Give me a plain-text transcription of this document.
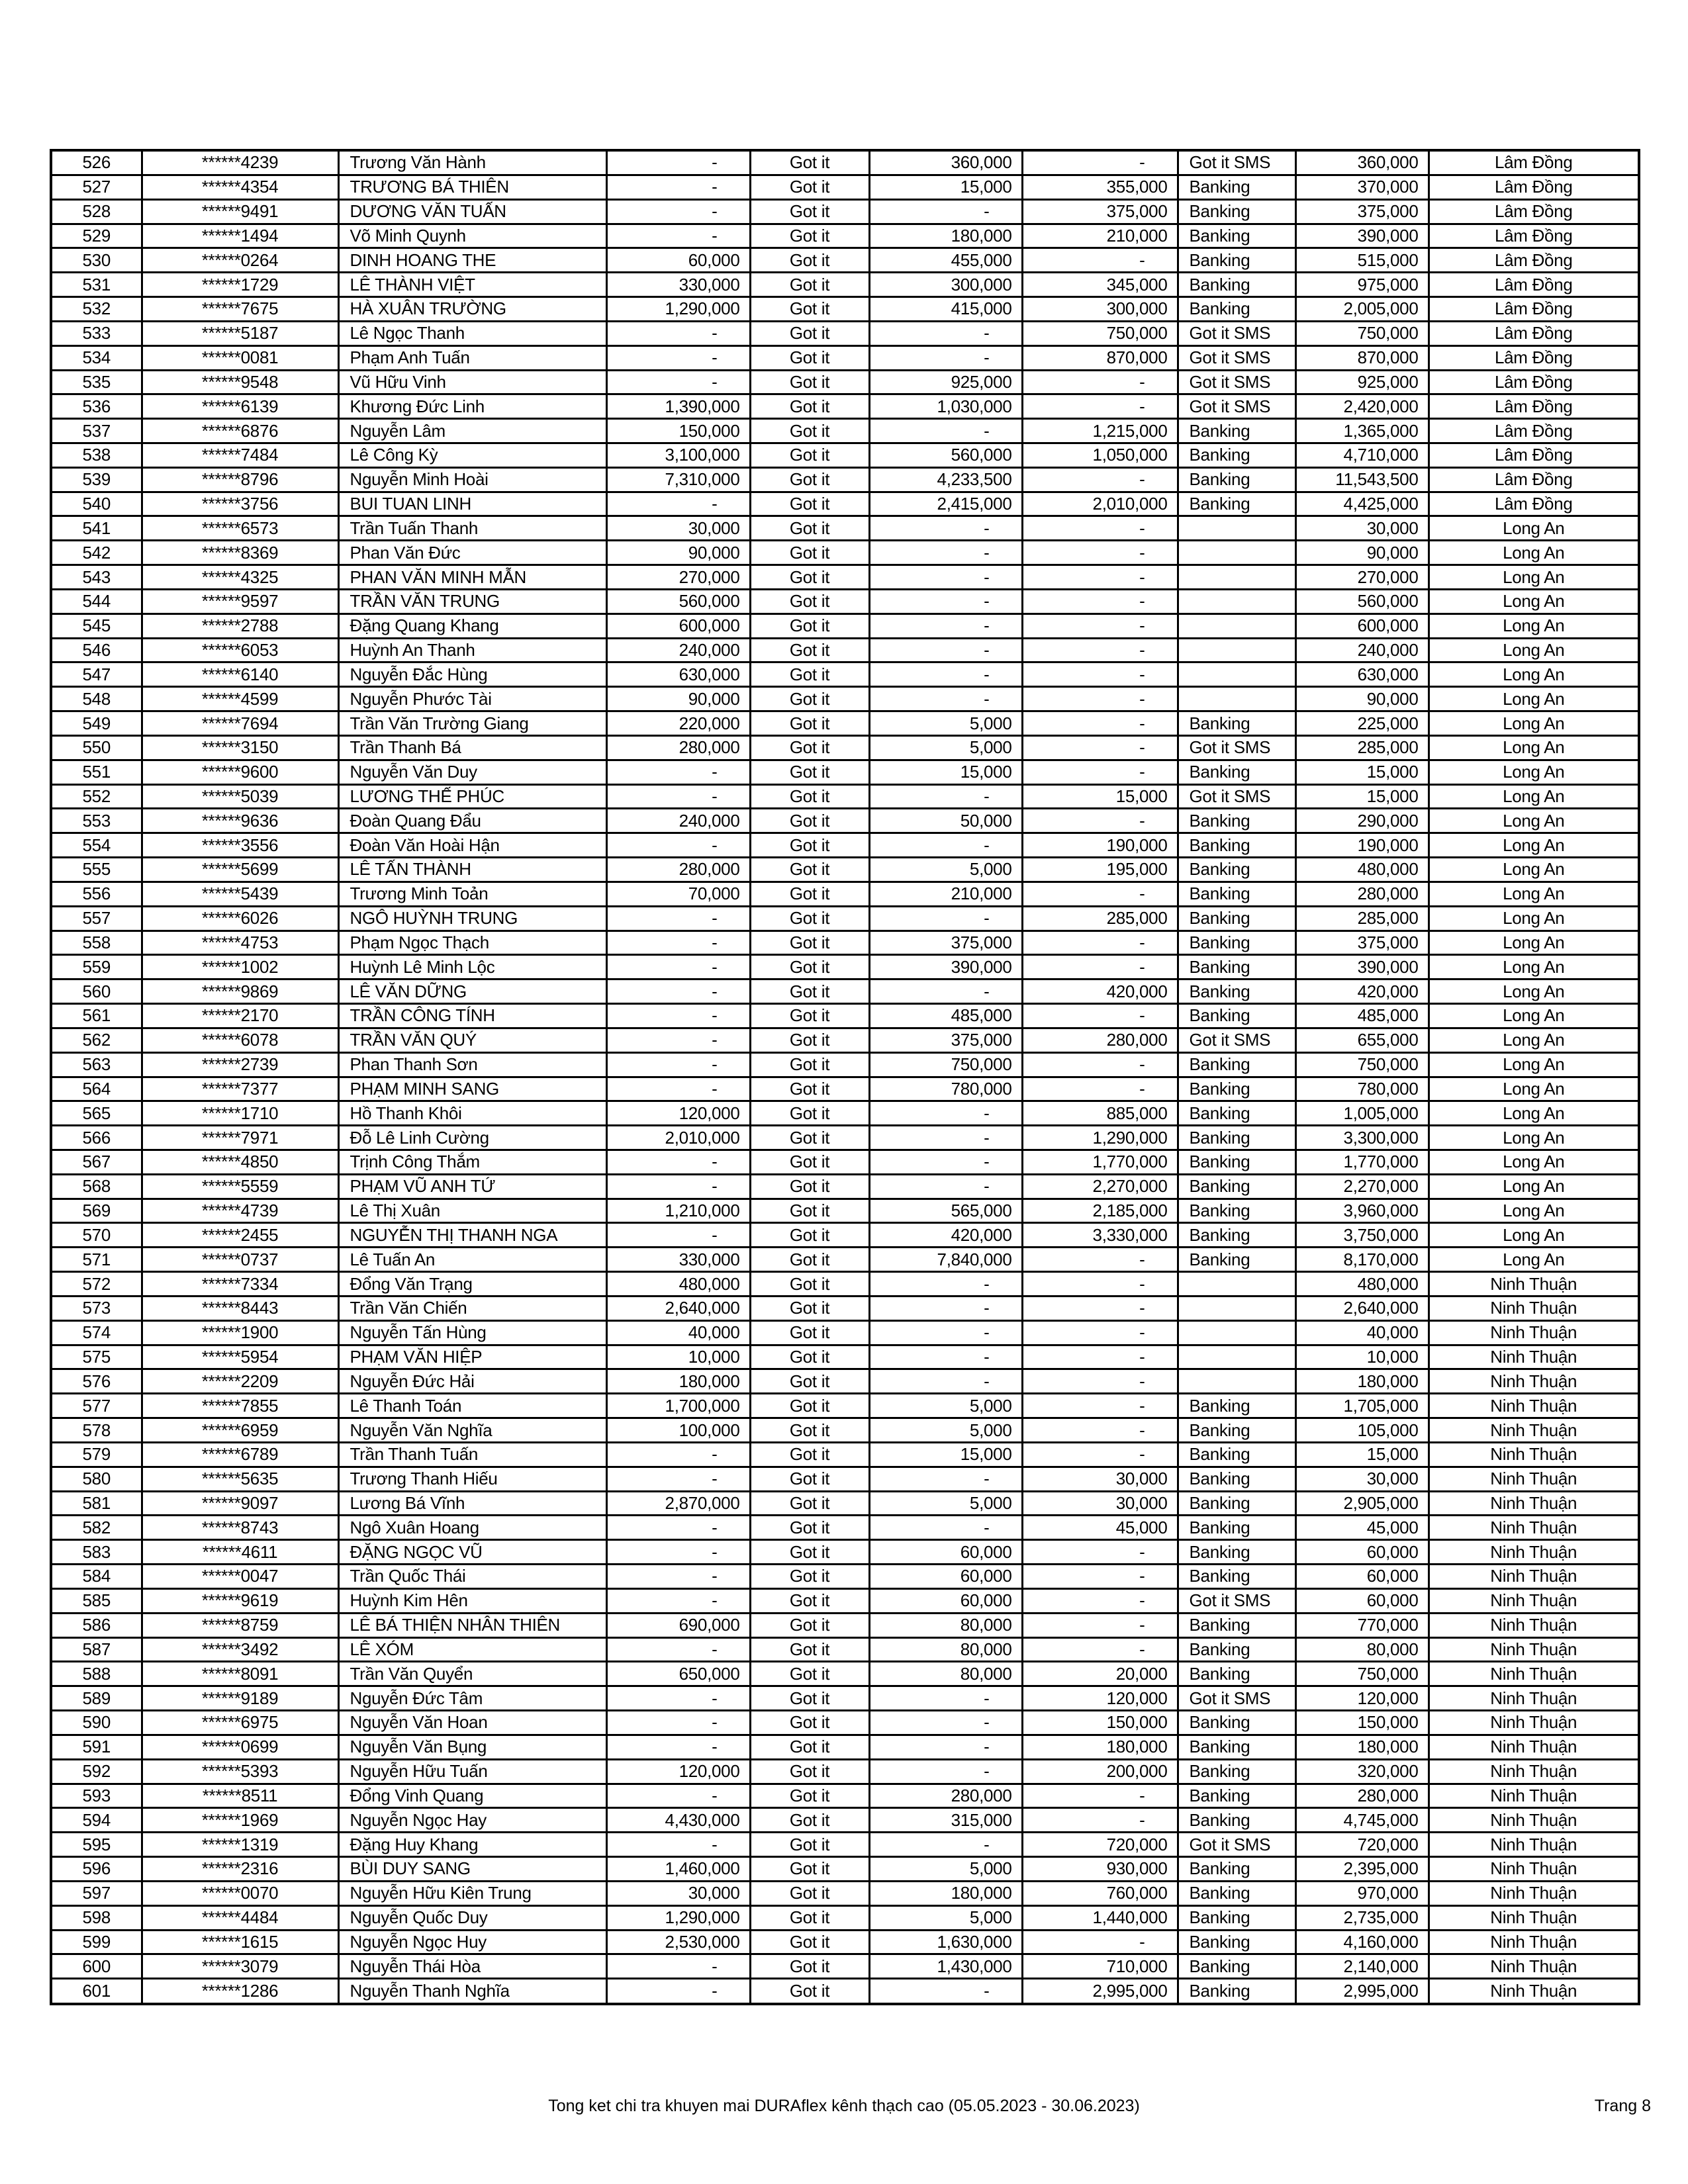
526	******4239	Trương Văn Hành	-	Got it	360,000	-	Got it SMS	360,000	Lâm Đồng
527	******4354	TRƯƠNG BÁ THIÊN	-	Got it	15,000	355,000	Banking	370,000	Lâm Đồng
528	******9491	DƯƠNG VĂN TUẤN	-	Got it	-	375,000	Banking	375,000	Lâm Đồng
529	******1494	Võ Minh Quynh	-	Got it	180,000	210,000	Banking	390,000	Lâm Đồng
530	******0264	DINH HOANG THE	60,000	Got it	455,000	-	Banking	515,000	Lâm Đồng
531	******1729	LÊ THÀNH VIỆT	330,000	Got it	300,000	345,000	Banking	975,000	Lâm Đồng
532	******7675	HÀ XUÂN TRƯỜNG	1,290,000	Got it	415,000	300,000	Banking	2,005,000	Lâm Đồng
533	******5187	Lê Ngọc Thanh	-	Got it	-	750,000	Got it SMS	750,000	Lâm Đồng
534	******0081	Phạm Anh Tuấn	-	Got it	-	870,000	Got it SMS	870,000	Lâm Đồng
535	******9548	Vũ Hữu Vinh	-	Got it	925,000	-	Got it SMS	925,000	Lâm Đồng
536	******6139	Khương Đức Linh	1,390,000	Got it	1,030,000	-	Got it SMS	2,420,000	Lâm Đồng
537	******6876	Nguyễn Lâm	150,000	Got it	-	1,215,000	Banking	1,365,000	Lâm Đồng
538	******7484	Lê Công Kỳ	3,100,000	Got it	560,000	1,050,000	Banking	4,710,000	Lâm Đồng
539	******8796	Nguyễn Minh Hoài	7,310,000	Got it	4,233,500	-	Banking	11,543,500	Lâm Đồng
540	******3756	BUI TUAN LINH	-	Got it	2,415,000	2,010,000	Banking	4,425,000	Lâm Đồng
541	******6573	Trần Tuấn Thanh	30,000	Got it	-	-		30,000	Long An
542	******8369	Phan Văn Đức	90,000	Got it	-	-		90,000	Long An
543	******4325	PHAN VĂN MINH MẪN	270,000	Got it	-	-		270,000	Long An
544	******9597	TRẦN VĂN TRUNG	560,000	Got it	-	-		560,000	Long An
545	******2788	Đặng Quang Khang	600,000	Got it	-	-		600,000	Long An
546	******6053	Huỳnh An Thanh	240,000	Got it	-	-		240,000	Long An
547	******6140	Nguyễn Đắc Hùng	630,000	Got it	-	-		630,000	Long An
548	******4599	Nguyễn Phước Tài	90,000	Got it	-	-		90,000	Long An
549	******7694	Trần Văn Trường Giang	220,000	Got it	5,000	-	Banking	225,000	Long An
550	******3150	Trần Thanh Bá	280,000	Got it	5,000	-	Got it SMS	285,000	Long An
551	******9600	Nguyễn Văn Duy	-	Got it	15,000	-	Banking	15,000	Long An
552	******5039	LƯƠNG THẾ PHÚC	-	Got it	-	15,000	Got it SMS	15,000	Long An
553	******9636	Đoàn Quang Đẩu	240,000	Got it	50,000	-	Banking	290,000	Long An
554	******3556	Đoàn Văn Hoài Hận	-	Got it	-	190,000	Banking	190,000	Long An
555	******5699	LÊ TẤN THÀNH	280,000	Got it	5,000	195,000	Banking	480,000	Long An
556	******5439	Trương Minh Toản	70,000	Got it	210,000	-	Banking	280,000	Long An
557	******6026	NGÔ HUỲNH TRUNG	-	Got it	-	285,000	Banking	285,000	Long An
558	******4753	Phạm Ngọc Thạch	-	Got it	375,000	-	Banking	375,000	Long An
559	******1002	Huỳnh Lê Minh Lộc	-	Got it	390,000	-	Banking	390,000	Long An
560	******9869	LÊ VĂN DỮNG	-	Got it	-	420,000	Banking	420,000	Long An
561	******2170	TRẦN CÔNG TÍNH	-	Got it	485,000	-	Banking	485,000	Long An
562	******6078	TRẦN VĂN QUÝ	-	Got it	375,000	280,000	Got it SMS	655,000	Long An
563	******2739	Phan Thanh Sơn	-	Got it	750,000	-	Banking	750,000	Long An
564	******7377	PHẠM MINH SANG	-	Got it	780,000	-	Banking	780,000	Long An
565	******1710	Hồ Thanh Khôi	120,000	Got it	-	885,000	Banking	1,005,000	Long An
566	******7971	Đỗ Lê Linh Cường	2,010,000	Got it	-	1,290,000	Banking	3,300,000	Long An
567	******4850	Trịnh Công Thắm	-	Got it	-	1,770,000	Banking	1,770,000	Long An
568	******5559	PHẠM VŨ ANH TỨ	-	Got it	-	2,270,000	Banking	2,270,000	Long An
569	******4739	Lê Thị Xuân	1,210,000	Got it	565,000	2,185,000	Banking	3,960,000	Long An
570	******2455	NGUYỄN THỊ THANH NGA	-	Got it	420,000	3,330,000	Banking	3,750,000	Long An
571	******0737	Lê Tuấn An	330,000	Got it	7,840,000	-	Banking	8,170,000	Long An
572	******7334	Đổng Văn Trạng	480,000	Got it	-	-		480,000	Ninh Thuận
573	******8443	Trần Văn Chiến	2,640,000	Got it	-	-		2,640,000	Ninh Thuận
574	******1900	Nguyễn Tấn Hùng	40,000	Got it	-	-		40,000	Ninh Thuận
575	******5954	PHẠM VĂN HIỆP	10,000	Got it	-	-		10,000	Ninh Thuận
576	******2209	Nguyễn Đức Hải	180,000	Got it	-	-		180,000	Ninh Thuận
577	******7855	Lê Thanh Toán	1,700,000	Got it	5,000	-	Banking	1,705,000	Ninh Thuận
578	******6959	Nguyễn Văn Nghĩa	100,000	Got it	5,000	-	Banking	105,000	Ninh Thuận
579	******6789	Trần Thanh Tuấn	-	Got it	15,000	-	Banking	15,000	Ninh Thuận
580	******5635	Trương Thanh Hiếu	-	Got it	-	30,000	Banking	30,000	Ninh Thuận
581	******9097	Lương Bá Vĩnh	2,870,000	Got it	5,000	30,000	Banking	2,905,000	Ninh Thuận
582	******8743	Ngô Xuân Hoang	-	Got it	-	45,000	Banking	45,000	Ninh Thuận
583	******4611	ĐẶNG NGỌC VŨ	-	Got it	60,000	-	Banking	60,000	Ninh Thuận
584	******0047	Trần Quốc Thái	-	Got it	60,000	-	Banking	60,000	Ninh Thuận
585	******9619	Huỳnh Kim Hên	-	Got it	60,000	-	Got it SMS	60,000	Ninh Thuận
586	******8759	LÊ BÁ THIỆN NHÂN THIÊN	690,000	Got it	80,000	-	Banking	770,000	Ninh Thuận
587	******3492	LÊ XÓM	-	Got it	80,000	-	Banking	80,000	Ninh Thuận
588	******8091	Trần Văn Quyển	650,000	Got it	80,000	20,000	Banking	750,000	Ninh Thuận
589	******9189	Nguyễn Đức Tâm	-	Got it	-	120,000	Got it SMS	120,000	Ninh Thuận
590	******6975	Nguyễn Văn Hoan	-	Got it	-	150,000	Banking	150,000	Ninh Thuận
591	******0699	Nguyễn Văn Bụng	-	Got it	-	180,000	Banking	180,000	Ninh Thuận
592	******5393	Nguyễn Hữu Tuấn	120,000	Got it	-	200,000	Banking	320,000	Ninh Thuận
593	******8511	Đổng Vinh Quang	-	Got it	280,000	-	Banking	280,000	Ninh Thuận
594	******1969	Nguyễn Ngọc Hay	4,430,000	Got it	315,000	-	Banking	4,745,000	Ninh Thuận
595	******1319	Đặng Huy Khang	-	Got it	-	720,000	Got it SMS	720,000	Ninh Thuận
596	******2316	BÙI DUY SANG	1,460,000	Got it	5,000	930,000	Banking	2,395,000	Ninh Thuận
597	******0070	Nguyễn Hữu Kiên Trung	30,000	Got it	180,000	760,000	Banking	970,000	Ninh Thuận
598	******4484	Nguyễn Quốc Duy	1,290,000	Got it	5,000	1,440,000	Banking	2,735,000	Ninh Thuận
599	******1615	Nguyễn Ngọc Huy	2,530,000	Got it	1,630,000	-	Banking	4,160,000	Ninh Thuận
600	******3079	Nguyễn Thái Hòa	-	Got it	1,430,000	710,000	Banking	2,140,000	Ninh Thuận
601	******1286	Nguyễn Thanh Nghĩa	-	Got it	-	2,995,000	Banking	2,995,000	Ninh Thuận
Tong ket chi tra khuyen mai DURAflex kênh thạch cao (05.05.2023 - 30.06.2023)	Trang 8
